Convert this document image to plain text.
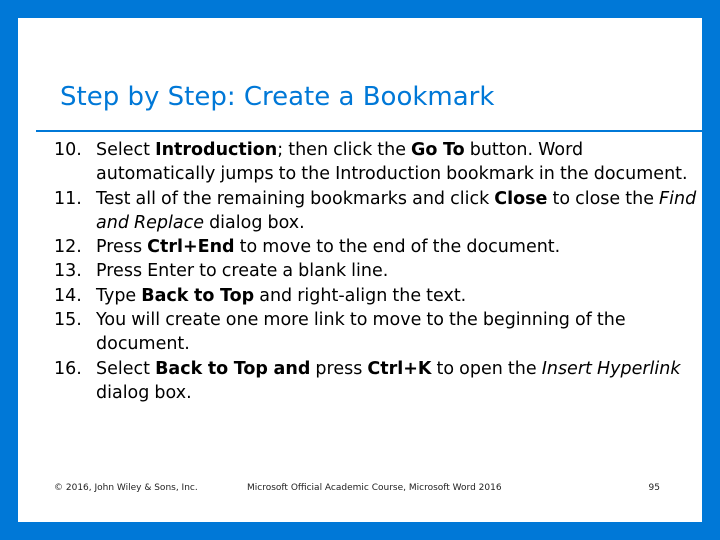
Step by Step: Create a Bookmark
10. Select Introduction; then click the Go To button. Word automatically jumps to the Introduction bookmark in the document.
11. Test all of the remaining bookmarks and click Close to close the Find and Replace dialog box.
12. Press Ctrl+End to move to the end of the document.
13. Press Enter to create a blank line.
14. Type Back to Top and right-align the text.
15. You will create one more link to move to the beginning of the document.
16. Select Back to Top and press Ctrl+K to open the Insert Hyperlink dialog box.
© 2016, John Wiley & Sons, Inc.	Microsoft Official Academic Course, Microsoft Word 2016	95
